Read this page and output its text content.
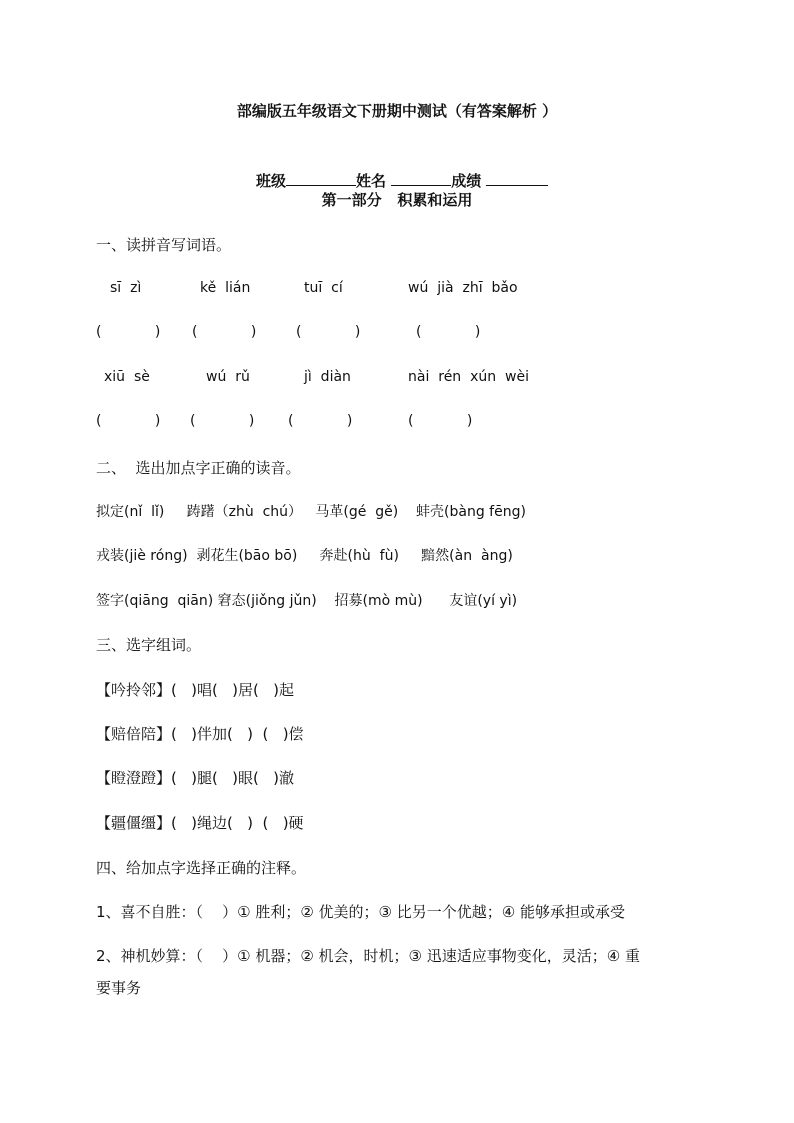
部编版五年级语文下册期中测试（有答案解析 ）

班级	姓名	成绩

第一部分   积累和运用
一、读拼音写词语。
sī  zì	kě  lián	tuī  cí	wú  jià  zhī  bǎo
(            ) (            )	(            )	(            )
xiū  sè	wú  rǔ	jì  diàn	nài  rén  xún  wèi
(            ) (            ) (            )	(            )
二、  选出加点字正确的读音。
拟定(nǐ  lǐ)     踌躇（zhù  chú）   马革(gé  gě)    蚌壳(bàng fēng)
戎装(jiè róng)  剥花生(bāo bō)     奔赴(hù  fù)     黯然(àn  àng)
签字(qiāng  qiān) 窘态(jiǒng jǔn)    招募(mò mù)      友谊(yí yì)
三、选字组词。
【吟拎邻】(   )唱(   )居(   )起
【赔倍陪】(   )伴加(   )  (   )偿
【瞪澄蹬】(   )腿(   )眼(   )澈
【疆僵缰】(   )绳边(   )  (   )硬
四、给加点字选择正确的注释。
1、喜不自胜：（    ）① 胜利；② 优美的；③ 比另一个优越；④ 能够承担或承受
2、神机妙算：（    ）① 机器；② 机会，时机；③ 迅速适应事物变化，灵活；④ 重
要事务
